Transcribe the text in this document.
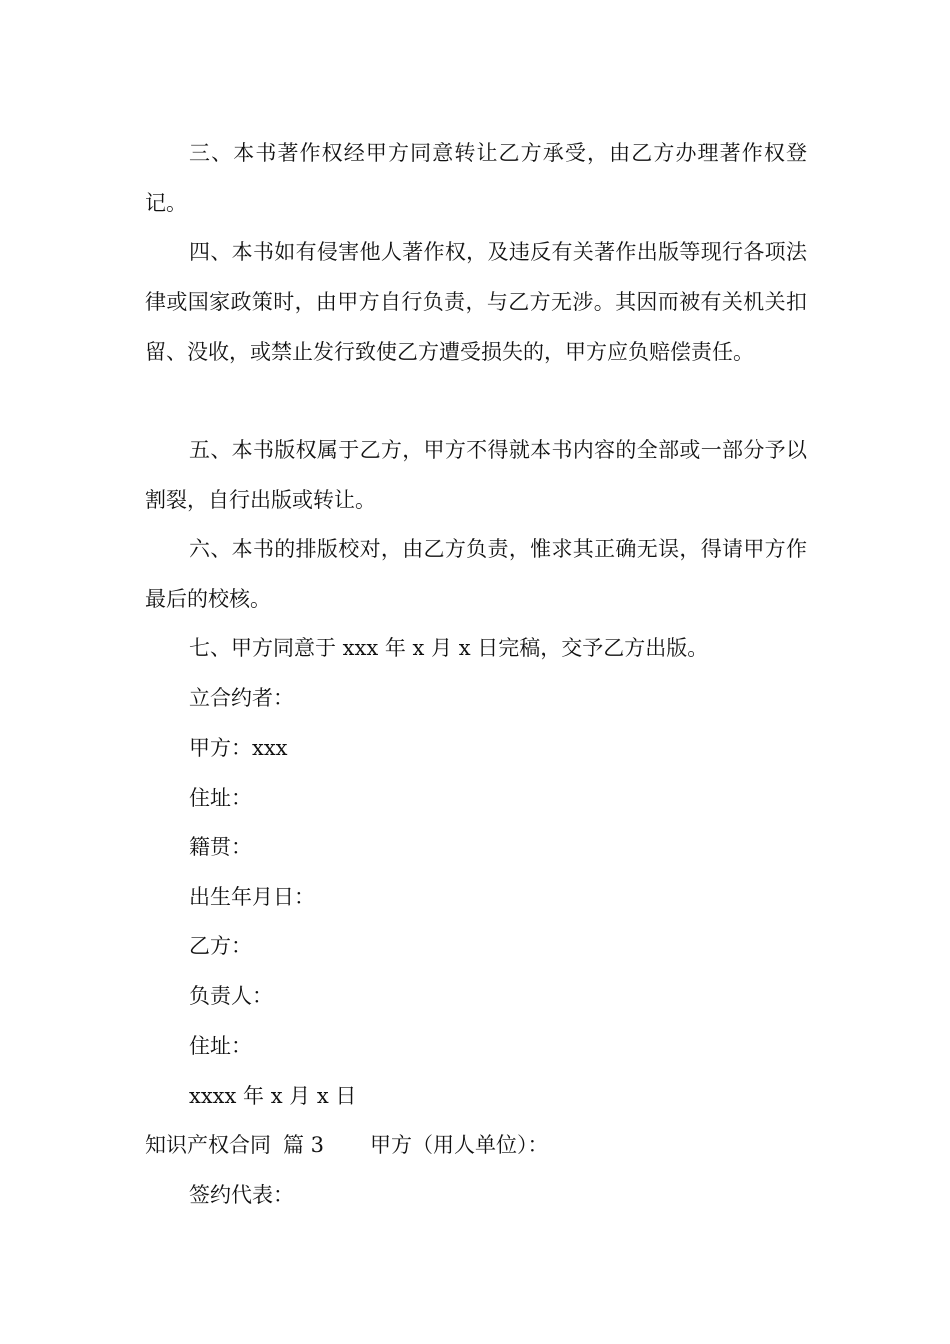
三、本书著作权经甲方同意转让乙方承受，由乙方办理著作权登记。

四、本书如有侵害他人著作权，及违反有关著作出版等现行各项法律或国家政策时，由甲方自行负责，与乙方无涉。其因而被有关机关扣留、没收，或禁止发行致使乙方遭受损失的，甲方应负赔偿责任。

五、本书版权属于乙方，甲方不得就本书内容的全部或一部分予以割裂，自行出版或转让。

六、本书的排版校对，由乙方负责，惟求其正确无误，得请甲方作最后的校核。

七、甲方同意于 xxx 年 x 月 x 日完稿，交予乙方出版。

立合约者：

甲方：xxx

住址：

籍贯：

出生年月日：

乙方：

负责人：

住址：

xxxx 年 x 月 x 日

知识产权合同 篇 3 甲方（用人单位）：

签约代表：
